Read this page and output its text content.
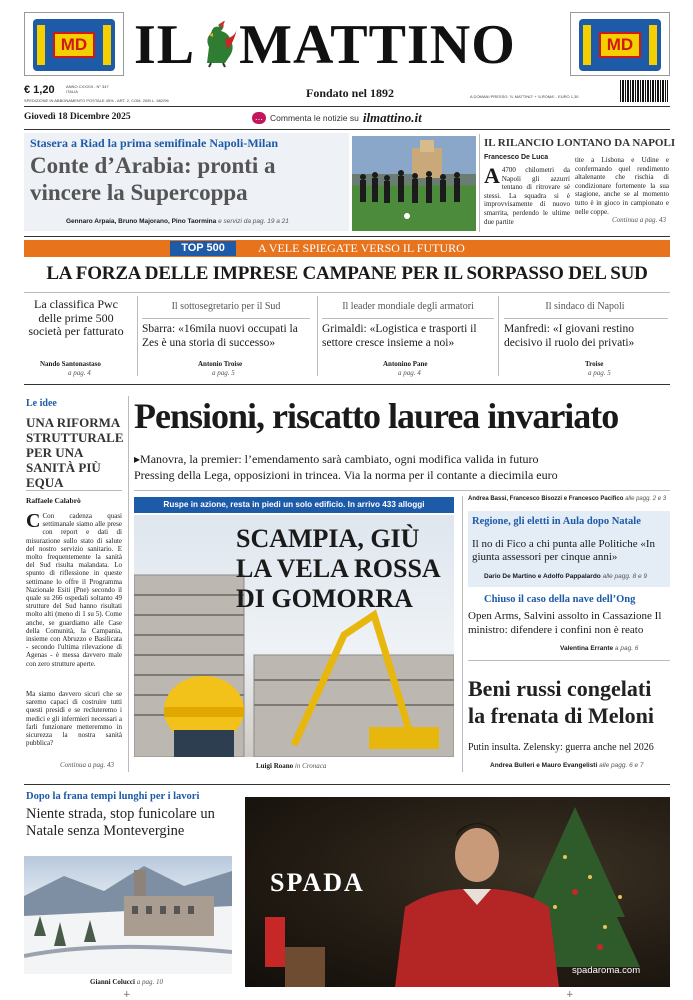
MD	MD
IL MATTINO
€ 1,20	ANNO CXXXIII - N° 347
ITALIA
SPEDIZIONE IN ABBONAMENTO POSTALE 45% - ART. 2, COM. 20/B L. 662/96
Fondato nel 1892	A DOMANI PRESSO: 'IL MATTINO' + 'ILROMA' - EURO 1,30
Giovedì 18 Dicembre 2025	… Commenta le notizie su ilmattino.it
Stasera a Riad la prima semifinale Napoli-Milan
Conte d’Arabia: pronti a vincere la Supercoppa
Gennaro Arpaia, Bruno Majorano, Pino Taormina e servizi da pag. 19 a 21
IL RILANCIO LONTANO DA NAPOLI
Francesco De Luca
A 4700 chilometri da Napoli gli azzurri tentano di ritrovare sé stessi. La squadra si è improvvisamente di nuovo smarrita, perdendo le ultime due partite
tite a Lisbona e Udine e confermando quel rendimento altalenante che rischia di condizionare fortemente la sua stagione, anche se al momento tutto è in gioco in campionato e nelle coppe.
Continua a pag. 43
TOP 500	A VELE SPIEGATE VERSO IL FUTURO
LA FORZA DELLE IMPRESE CAMPANE PER IL SORPASSO DEL SUD
La classifica Pwc delle prime 500 società per fatturato
Nando Santonastaso
a pag. 4
Il sottosegretario per il Sud
Sbarra: «16mila nuovi occupati la Zes è una storia di successo»
Antonio Troise
a pag. 5
Il leader mondiale degli armatori
Grimaldi: «Logistica e trasporti il settore cresce insieme a noi»
Antonino Pane
a pag. 4
Il sindaco di Napoli
Manfredi: «I giovani restino decisivo il ruolo dei privati»
Troise
a pag. 5
Le idee
UNA RIFORMA STRUTTURALE PER UNA SANITÀ PIÙ EQUA
Raffaele Calabrò
C Con cadenza quasi settimanale siamo alle prese con report e dati di misurazione sullo stato di salute del nostro servizio sanitario. E molto frequentemente la sanità del Sud risulta malandata. Lo spunto di riflessione in queste settimane lo offre il Programma Nazionale Esiti (Pne) secondo il quale su 266 ospedali soltanto 49 strutture del Sud hanno risultati molto alti (meno di 1 su 5). Come anche, se guardiamo alle Case della Comunità, la Campania, insieme con Abruzzo e Basilicata - secondo l'ultima rilevazione di Agenas - è messa davvero male con zero strutture aperte.
Ma siamo davvero sicuri che se saremo capaci di costruire tutti questi presidi e se recluteremo i medici e gli infermieri necessari a farli funzionare metteremmo in sicurezza la nostra sanità pubblica?
Continua a pag. 43
Pensioni, riscatto laurea invariato
▸Manovra, la premier: l’emendamento sarà cambiato, ogni modifica valida in futuro
Pressing della Lega, opposizioni in trincea. Via la norma per il contante a diecimila euro
Ruspe in azione, resta in piedi un solo edificio. In arrivo 433 alloggi
SCAMPIA, GIÙ LA VELA ROSSA DI GOMORRA
Luigi Roano in Cronaca
Andrea Bassi, Francesco Bisozzi e Francesco Pacifico alle pagg. 2 e 3
Regione, gli eletti in Aula dopo Natale
Il no di Fico a chi punta alle Politiche «In giunta assessori per cinque anni»
Dario De Martino e Adolfo Pappalardo alle pagg. 8 e 9
Chiuso il caso della nave dell’Ong
Open Arms, Salvini assolto in Cassazione Il ministro: difendere i confini non è reato
Valentina Errante a pag. 6
Beni russi congelati la frenata di Meloni
Putin insulta. Zelensky: guerra anche nel 2026
Andrea Bulleri e Mauro Evangelisti alle pagg. 6 e 7
Dopo la frana tempi lunghi per i lavori
Niente strada, stop funicolare un Natale senza Montevergine
Gianni Colucci a pag. 10
SPADA
spadaroma.com
+	+
